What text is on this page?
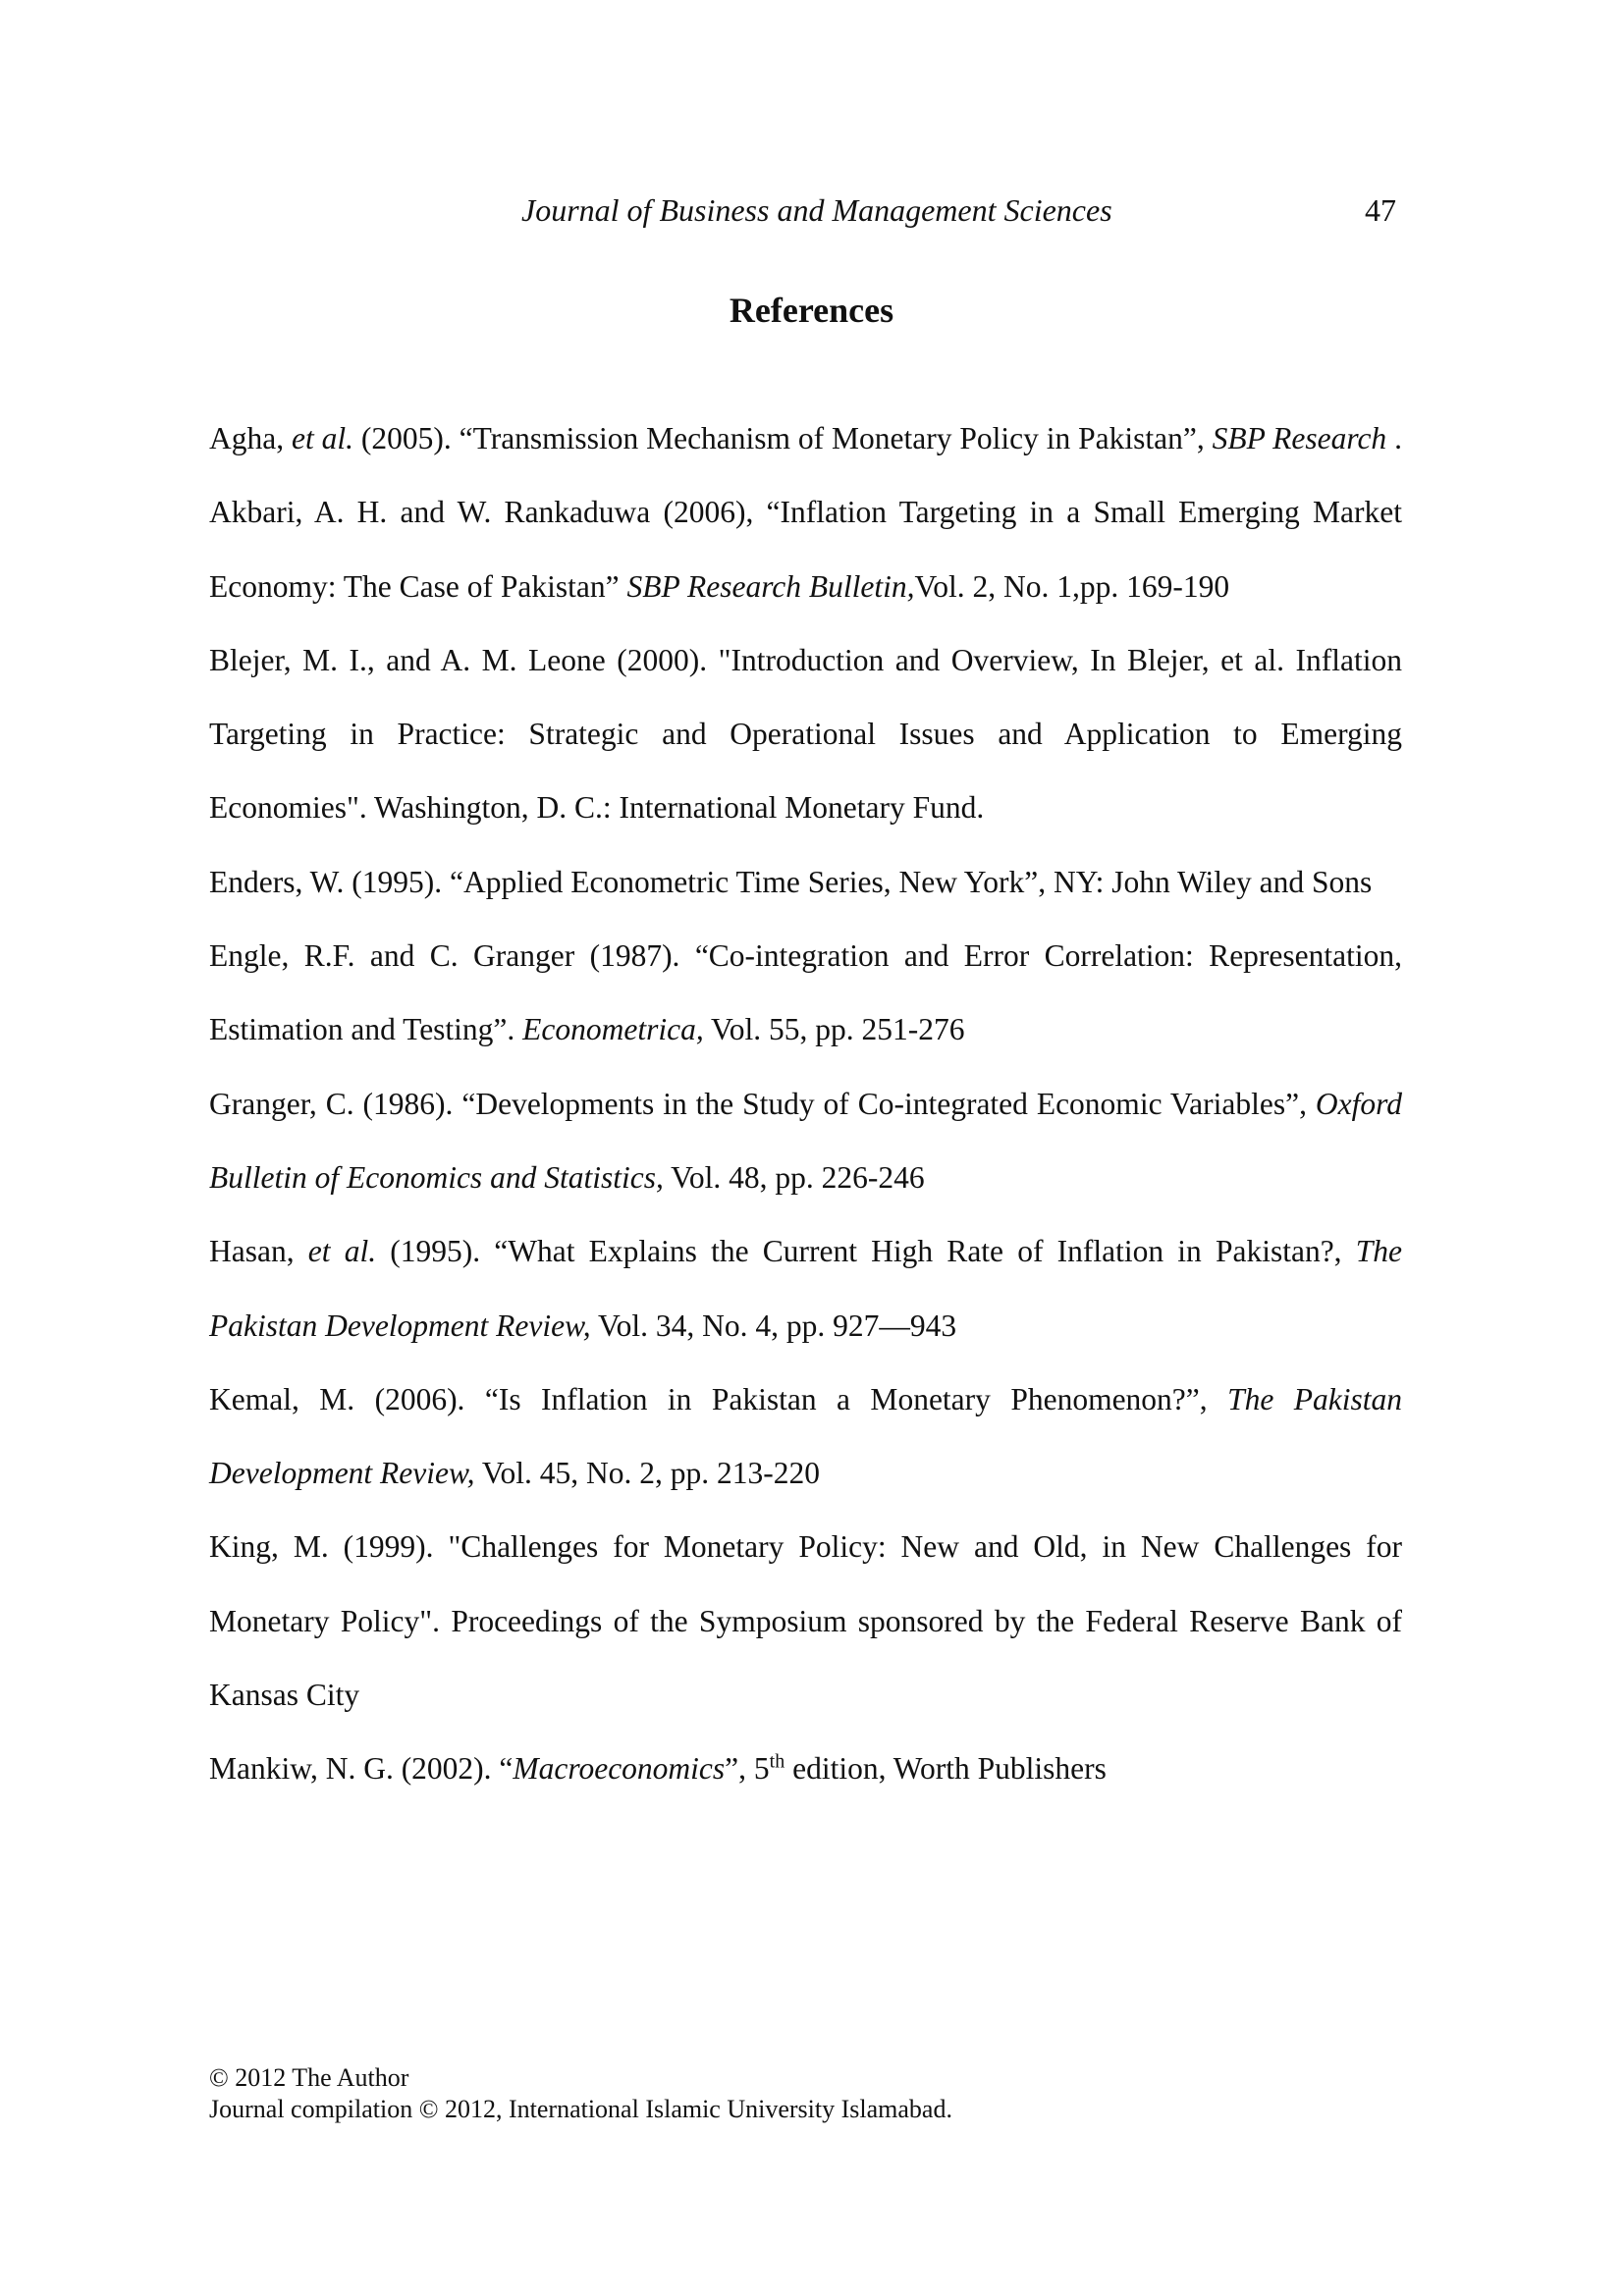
Journal of Business and Management Sciences	47
References
Agha, et al. (2005). “Transmission Mechanism of Monetary Policy in Pakistan”, SBP Research .
Akbari, A. H. and W. Rankaduwa (2006), “Inflation Targeting in a Small Emerging Market Economy: The Case of Pakistan” SBP Research Bulletin,Vol. 2, No. 1,pp. 169-190
Blejer, M. I., and A. M. Leone (2000). "Introduction and Overview, In Blejer, et al. Inflation Targeting in Practice: Strategic and Operational Issues and Application to Emerging Economies". Washington, D. C.: International Monetary Fund.
Enders, W. (1995). “Applied Econometric Time Series, New York”, NY: John Wiley and Sons
Engle, R.F. and C. Granger (1987). “Co-integration and Error Correlation: Representation, Estimation and Testing”. Econometrica, Vol. 55, pp. 251-276
Granger, C. (1986). “Developments in the Study of Co-integrated Economic Variables”, Oxford Bulletin of Economics and Statistics, Vol. 48, pp. 226-246
Hasan, et al. (1995). “What Explains the Current High Rate of Inflation in Pakistan?, The Pakistan Development Review, Vol. 34, No. 4, pp. 927—943
Kemal, M. (2006). “Is Inflation in Pakistan a Monetary Phenomenon?”, The Pakistan Development Review, Vol. 45, No. 2, pp. 213-220
King, M. (1999). "Challenges for Monetary Policy: New and Old, in New Challenges for Monetary Policy". Proceedings of the Symposium sponsored by the Federal Reserve Bank of Kansas City
Mankiw, N. G. (2002). “Macroeconomics”, 5th edition, Worth Publishers
© 2012 The Author
Journal compilation © 2012, International Islamic University Islamabad.
